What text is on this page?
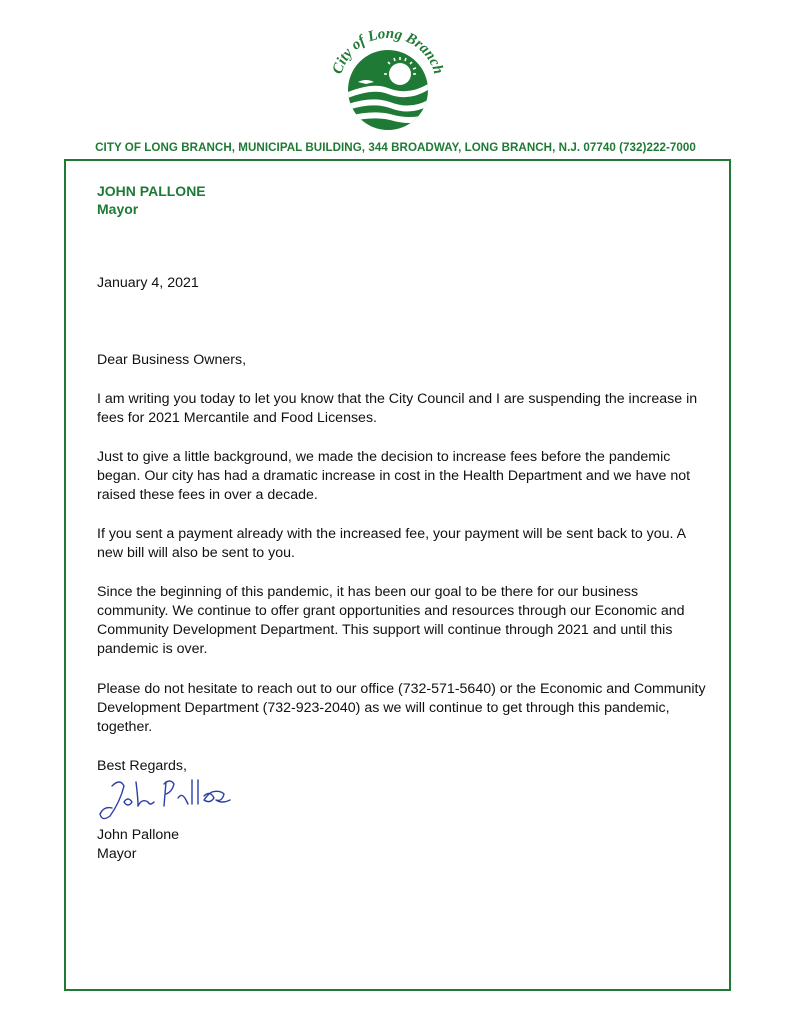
City of Long Branch
CITY OF LONG BRANCH, MUNICIPAL BUILDING, 344 BROADWAY, LONG BRANCH, N.J. 07740 (732)222-7000
JOHN PALLONE
Mayor
January 4, 2021
Dear Business Owners,
I am writing you today to let you know that the City Council and I are suspending the increase in fees for 2021 Mercantile and Food Licenses.
Just to give a little background, we made the decision to increase fees before the pandemic began. Our city has had a dramatic increase in cost in the Health Department and we have not raised these fees in over a decade.
If you sent a payment already with the increased fee, your payment will be sent back to you. A new bill will also be sent to you.
Since the beginning of this pandemic, it has been our goal to be there for our business community. We continue to offer grant opportunities and resources through our Economic and Community Development Department. This support will continue through 2021 and until this pandemic is over.
Please do not hesitate to reach out to our office (732-571-5640) or the Economic and Community Development Department (732-923-2040) as we will continue to get through this pandemic, together.
Best Regards,
John Pallone
Mayor
